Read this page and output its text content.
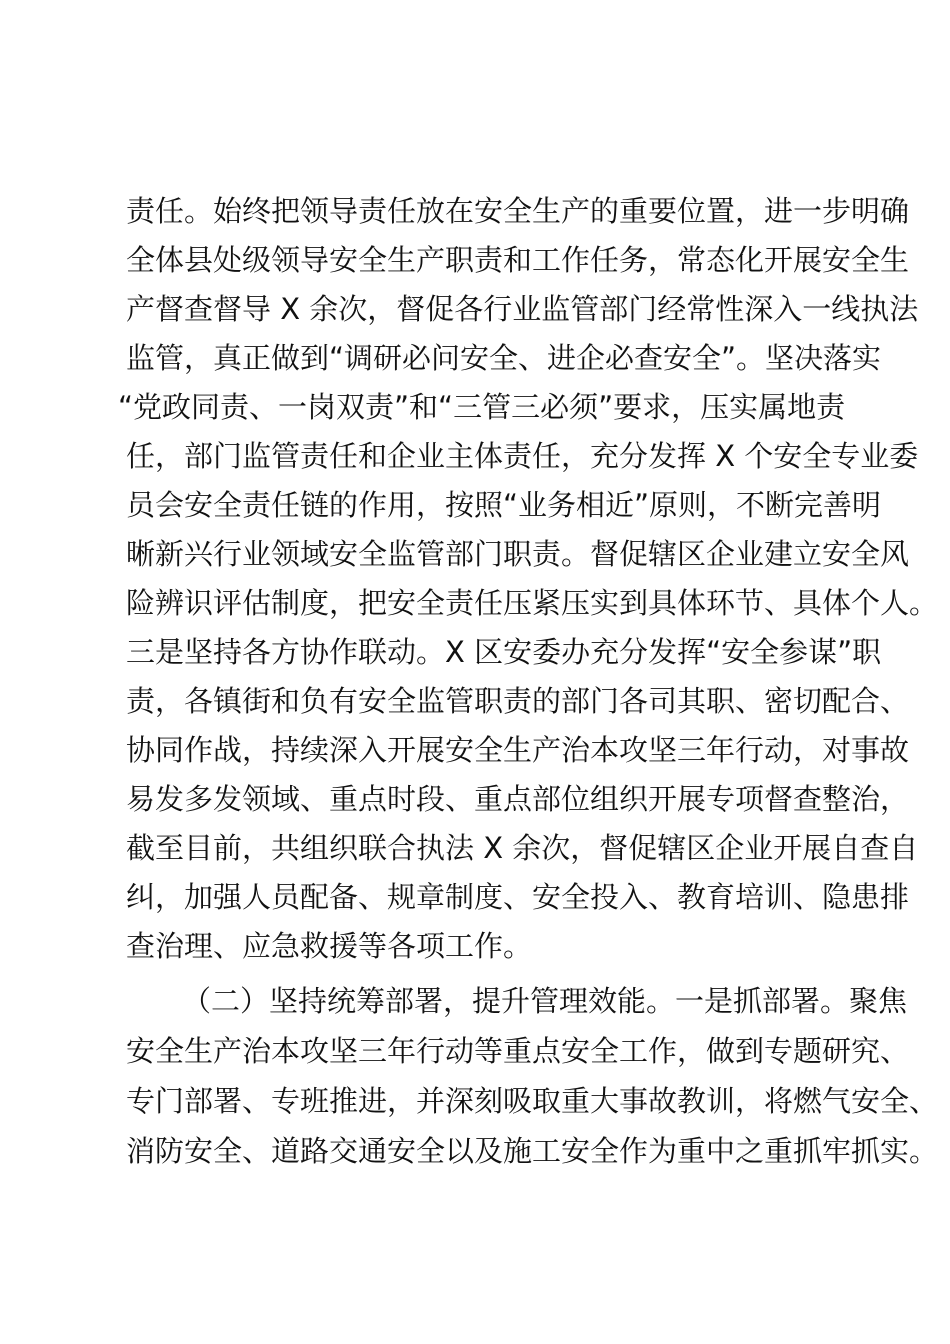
责任。始终把领导责任放在安全生产的重要位置，进一步明确
全体县处级领导安全生产职责和工作任务，常态化开展安全生
产督查督导 X 余次，督促各行业监管部门经常性深入一线执法
监管，真正做到“调研必问安全、进企必查安全”。坚决落实
“党政同责、一岗双责”和“三管三必须”要求，压实属地责
任，部门监管责任和企业主体责任，充分发挥 X 个安全专业委
员会安全责任链的作用，按照“业务相近”原则，不断完善明
晰新兴行业领域安全监管部门职责。督促辖区企业建立安全风
险辨识评估制度，把安全责任压紧压实到具体环节、具体个人。
三是坚持各方协作联动。X 区安委办充分发挥“安全参谋”职
责，各镇街和负有安全监管职责的部门各司其职、密切配合、
协同作战，持续深入开展安全生产治本攻坚三年行动，对事故
易发多发领域、重点时段、重点部位组织开展专项督查整治，
截至目前，共组织联合执法 X 余次，督促辖区企业开展自查自
纠，加强人员配备、规章制度、安全投入、教育培训、隐患排
查治理、应急救援等各项工作。
（二）坚持统筹部署，提升管理效能。一是抓部署。聚焦
安全生产治本攻坚三年行动等重点安全工作，做到专题研究、
专门部署、专班推进，并深刻吸取重大事故教训，将燃气安全、
消防安全、道路交通安全以及施工安全作为重中之重抓牢抓实。
